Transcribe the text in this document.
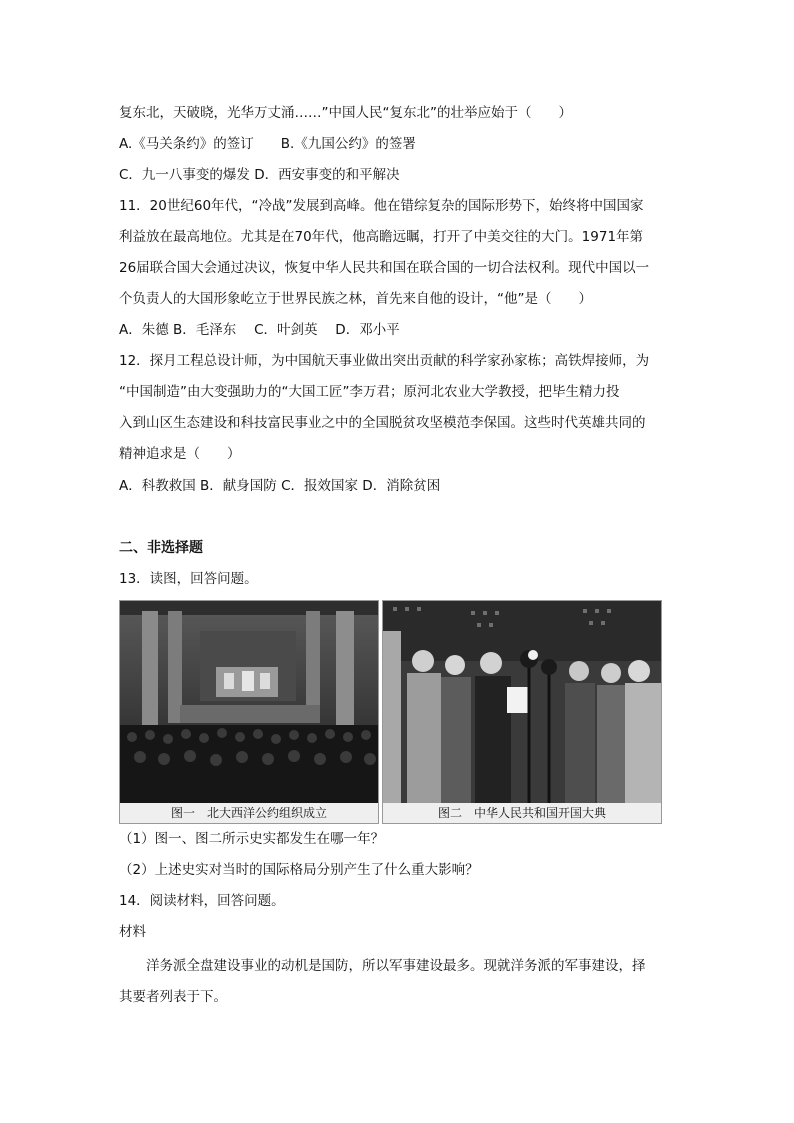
复东北，天破晓，光华万丈涌……”中国人民“复东北”的壮举应始于（　　）
A.《马关条约》的签订　　B.《九国公约》的签署
C．九一八事变的爆发 D．西安事变的和平解决
11．20世纪60年代，“冷战”发展到高峰。他在错综复杂的国际形势下，始终将中国国家
利益放在最高地位。尤其是在70年代，他高瞻远瞩，打开了中美交往的大门。1971年第
26届联合国大会通过决议，恢复中华人民共和国在联合国的一切合法权利。现代中国以一
个负责人的大国形象屹立于世界民族之林，首先来自他的设计，“他”是（　　）
A．朱德 B．毛泽东　 C．叶剑英　 D．邓小平
12．探月工程总设计师，为中国航天事业做出突出贡献的科学家孙家栋；高铁焊接师，为
“中国制造”由大变强助力的“大国工匠”李万君；原河北农业大学教授，把毕生精力投
入到山区生态建设和科技富民事业之中的全国脱贫攻坚模范李保国。这些时代英雄共同的
精神追求是（　　）
A．科教救国 B．献身国防 C．报效国家 D．消除贫困
二、非选择题
13．读图，回答问题。
图一　北大西洋公约组织成立	图二　中华人民共和国开国大典
（1）图一、图二所示史实都发生在哪一年？
（2）上述史实对当时的国际格局分别产生了什么重大影响？
14．阅读材料，回答问题。
材料
洋务派全盘建设事业的动机是国防，所以军事建设最多。现就洋务派的军事建设，择
其要者列表于下。
